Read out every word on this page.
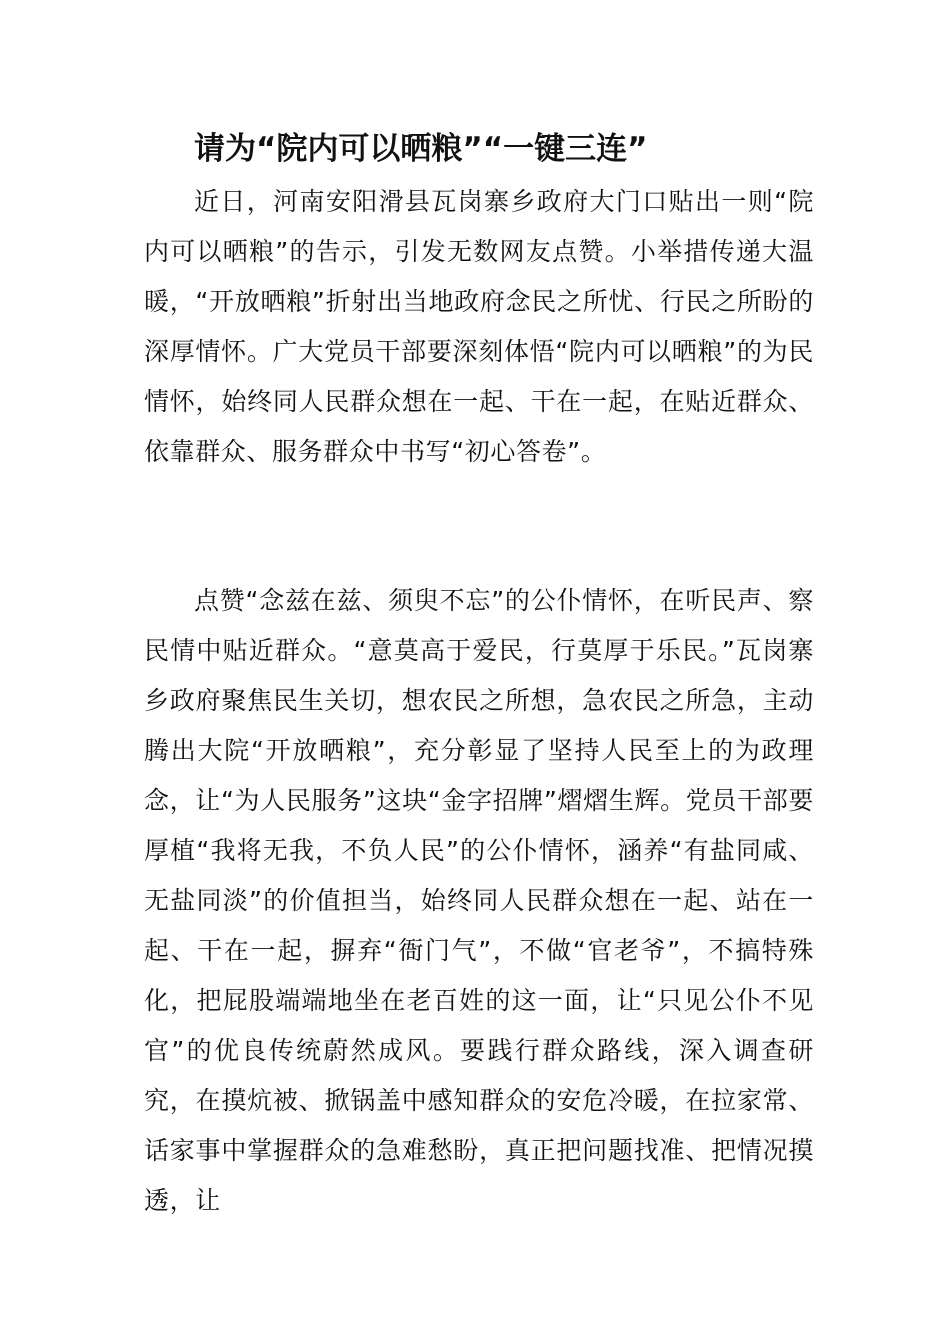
请为“院内可以晒粮”“一键三连”

近日，河南安阳滑县瓦岗寨乡政府大门口贴出一则“院内可以晒粮”的告示，引发无数网友点赞。小举措传递大温暖，“开放晒粮”折射出当地政府念民之所忧、行民之所盼的深厚情怀。广大党员干部要深刻体悟“院内可以晒粮”的为民情怀，始终同人民群众想在一起、干在一起，在贴近群众、依靠群众、服务群众中书写“初心答卷”。

点赞“念兹在兹、须臾不忘”的公仆情怀，在听民声、察民情中贴近群众。“意莫高于爱民，行莫厚于乐民。”瓦岗寨乡政府聚焦民生关切，想农民之所想，急农民之所急，主动腾出大院“开放晒粮”，充分彰显了坚持人民至上的为政理念，让“为人民服务”这块“金字招牌”熠熠生辉。党员干部要厚植“我将无我，不负人民”的公仆情怀，涵养“有盐同咸、无盐同淡”的价值担当，始终同人民群众想在一起、站在一起、干在一起，摒弃“衙门气”，不做“官老爷”，不搞特殊化，把屁股端端地坐在老百姓的这一面，让“只见公仆不见官”的优良传统蔚然成风。要践行群众路线，深入调查研究，在摸炕被、掀锅盖中感知群众的安危冷暖，在拉家常、话家事中掌握群众的急难愁盼，真正把问题找准、把情况摸透，让
